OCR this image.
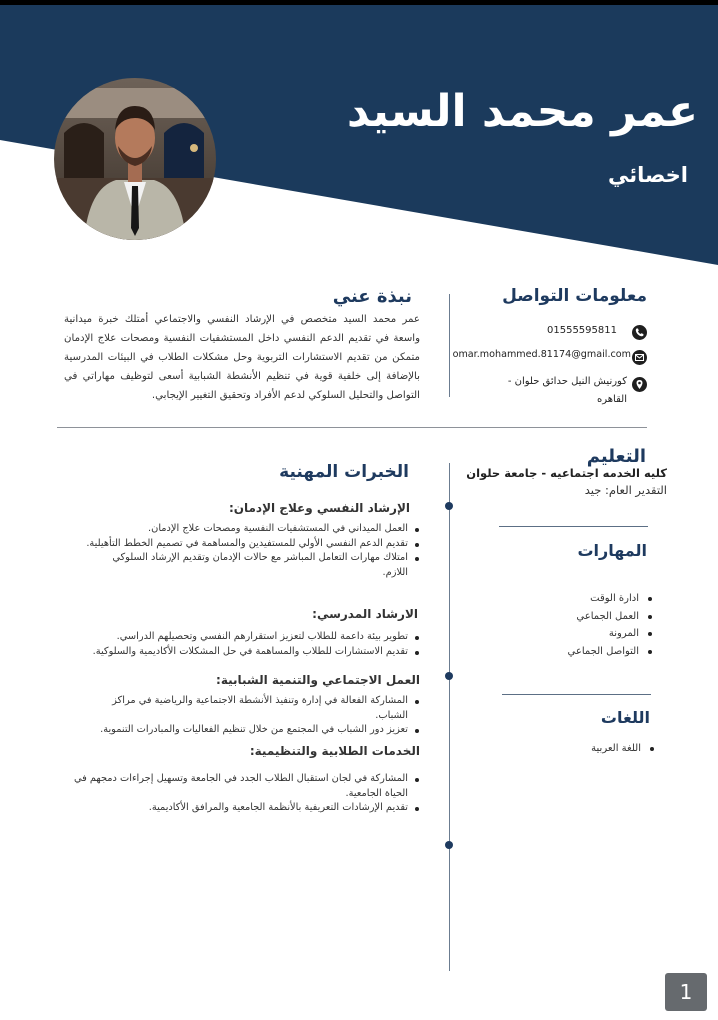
عمر محمد السيد
اخصائي
معلومات التواصل
01555595811
omar.mohammed.81174@gmail.com
كورنيش النيل حدائق حلوان -
القاهره
نبذة عني
عمر محمد السيد متخصص في الإرشاد النفسي والاجتماعي أمتلك خبرة ميدانية واسعة في تقديم الدعم النفسي داخل المستشفيات النفسية ومصحات علاج الإدمان متمكن من تقديم الاستشارات التربوية وحل مشكلات الطلاب في البيئات المدرسية بالإضافة إلى خلفية قوية في تنظيم الأنشطة الشبابية أسعى لتوظيف مهاراتي في التواصل والتحليل السلوكي لدعم الأفراد وتحقيق التغيير الإيجابي.
الخبرات المهنية
الإرشاد النفسي وعلاج الإدمان:
العمل الميداني في المستشفيات النفسية ومصحات علاج الإدمان.
تقديم الدعم النفسي الأولي للمستفيدين والمساهمة في تصميم الخطط التأهيلية.
امتلاك مهارات التعامل المباشر مع حالات الإدمان وتقديم الإرشاد السلوكي اللازم.
الارشاد المدرسي:
تطوير بيئة داعمة للطلاب لتعزيز استقرارهم النفسي وتحصيلهم الدراسي.
تقديم الاستشارات للطلاب والمساهمة في حل المشكلات الأكاديمية والسلوكية.
العمل الاجتماعي والتنمية الشبابية:
المشاركة الفعالة في إدارة وتنفيذ الأنشطة الاجتماعية والرياضية في مراكز الشباب.
تعزيز دور الشباب في المجتمع من خلال تنظيم الفعاليات والمبادرات التنموية.
الخدمات الطلابية والتنظيمية:
المشاركة في لجان استقبال الطلاب الجدد في الجامعة وتسهيل إجراءات دمجهم في الحياة الجامعية.
تقديم الإرشادات التعريفية بالأنظمة الجامعية والمرافق الأكاديمية.
التعليم
كليه الخدمه اجتماعيه - جامعة حلوان
التقدير العام: جيد
المهارات
ادارة الوقت
العمل الجماعي
المرونة
التواصل الجماعي
اللغات
اللغة العربية
1
